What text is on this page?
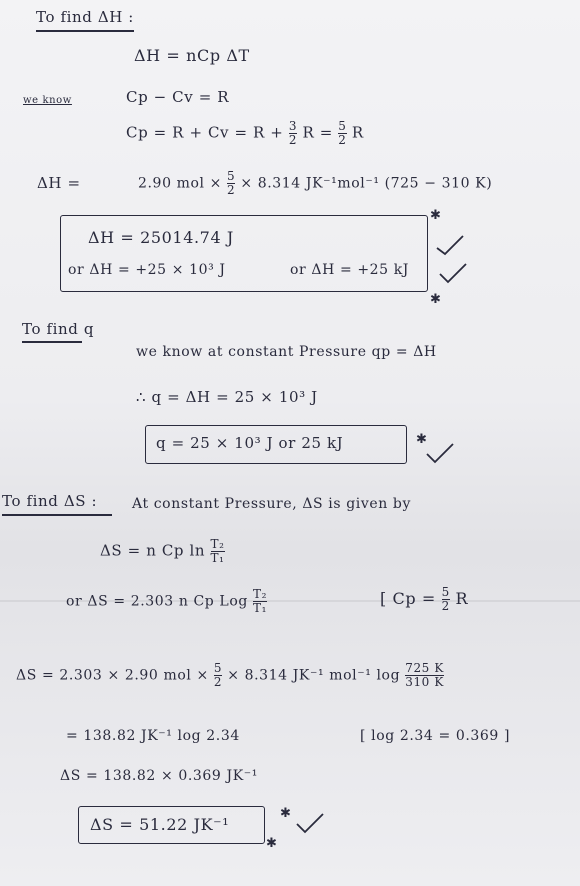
To find ΔH :
ΔH = nCp ΔT
we know	Cp − Cv = R
$Cp = R + Cv = R + \frac{3}{2}$ $R = \frac{5}{2}$ R
ΔH =	2.90 mol × $\frac{5}{2} \times 8.314$ JK⁻¹mol⁻¹ (725 − 310 K)
✱
ΔH = 25014.74 J
or ΔH = +25 × 10³ J	or ΔH = +25 kJ
✱
To find q
we know at constant Pressure qp = ΔH
∴ q = ΔH = 25 × 10³ J
q = 25 × 10³ J or 25 kJ	✱
To find ΔS : At constant Pressure, ΔS is given by
ΔS = n Cp $\ln \frac{\text{T₂}}{\text{T₁}}$
or ΔS = 2.303 n Cp Log $\frac{\text{T₂}}{\text{T₁}}$	[ $Cp = \frac{5}{2}$ R
ΔS = 2.303 × 2.90 mol × $\frac{5}{2} \times 8.314$ JK⁻¹ mol⁻¹ $\log \frac{725 K}{310 K}$
= 138.82 JK⁻¹ log 2.34	[ log 2.34 = 0.369 ]
ΔS = 138.82 × 0.369 JK⁻¹
ΔS = 51.22 JK⁻¹
✱
✱
